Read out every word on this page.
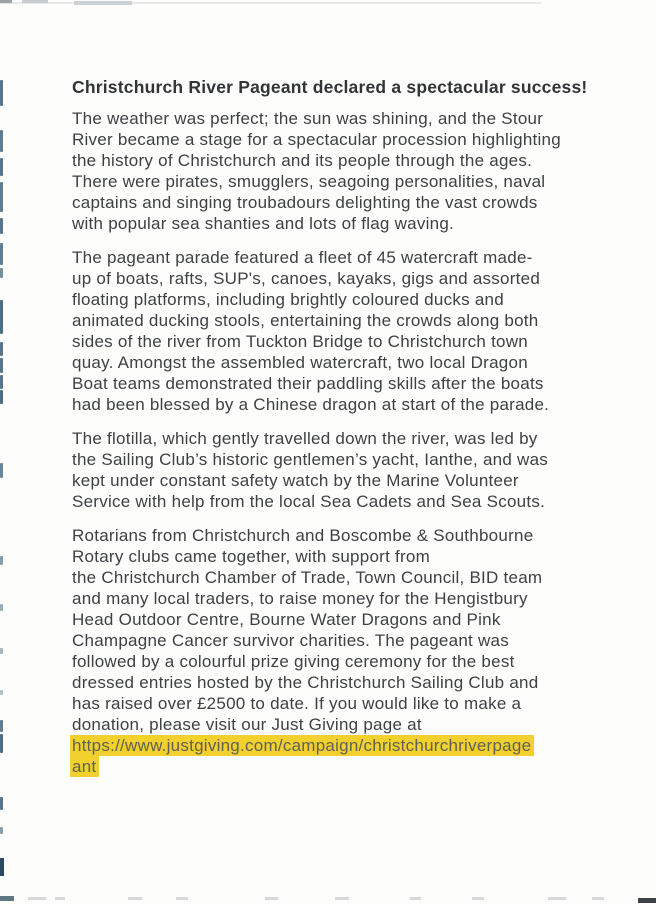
Christchurch River Pageant declared a spectacular success!
The weather was perfect; the sun was shining, and the Stour
River became a stage for a spectacular procession highlighting
the history of Christchurch and its people through the ages.
There were pirates, smugglers, seagoing personalities, naval
captains and singing troubadours delighting the vast crowds
with popular sea shanties and lots of flag waving.
The pageant parade featured a fleet of 45 watercraft made-
up of boats, rafts, SUP's, canoes, kayaks, gigs and assorted
floating platforms, including brightly coloured ducks and
animated ducking stools, entertaining the crowds along both
sides of the river from Tuckton Bridge to Christchurch town
quay. Amongst the assembled watercraft, two local Dragon
Boat teams demonstrated their paddling skills after the boats
had been blessed by a Chinese dragon at start of the parade.
The flotilla, which gently travelled down the river, was led by
the Sailing Club’s historic gentlemen’s yacht, Ianthe, and was
kept under constant safety watch by the Marine Volunteer
Service with help from the local Sea Cadets and Sea Scouts.
Rotarians from Christchurch and Boscombe & Southbourne
Rotary clubs came together, with support from
the Christchurch Chamber of Trade, Town Council, BID team
and many local traders, to raise money for the Hengistbury
Head Outdoor Centre, Bourne Water Dragons and Pink
Champagne Cancer survivor charities. The pageant was
followed by a colourful prize giving ceremony for the best
dressed entries hosted by the Christchurch Sailing Club and
has raised over £2500 to date. If you would like to make a
donation, please visit our Just Giving page at
https://www.justgiving.com/campaign/christchurchriverpage
ant
